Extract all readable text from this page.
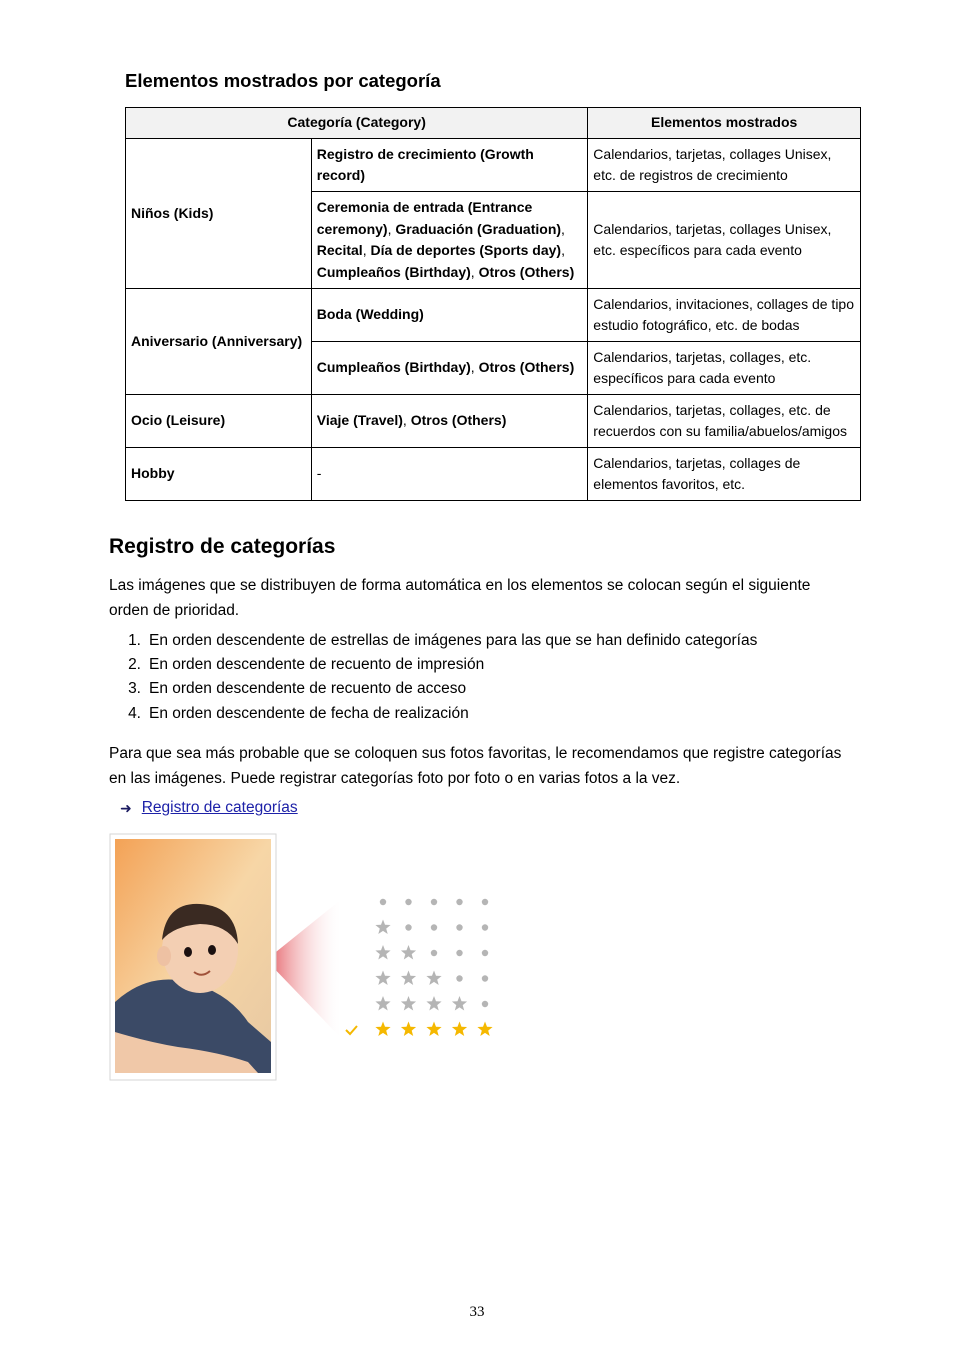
Elementos mostrados por categoría
Categoría (Category)		Elementos mostrados
Niños (Kids)	Registro de crecimiento (Growth record)	Calendarios, tarjetas, collages Unisex, etc. de registros de crecimiento
	Ceremonia de entrada (Entrance ceremony), Graduación (Graduation), Recital, Día de deportes (Sports day), Cumpleaños (Birthday), Otros (Others)	Calendarios, tarjetas, collages Unisex, etc. específicos para cada evento
Aniversario (Anniversary)	Boda (Wedding)	Calendarios, invitaciones, collages de tipo estudio fotográfico, etc. de bodas
	Cumpleaños (Birthday), Otros (Others)	Calendarios, tarjetas, collages, etc. específicos para cada evento
Ocio (Leisure)	Viaje (Travel), Otros (Others)	Calendarios, tarjetas, collages, etc. de recuerdos con su familia/abuelos/amigos
Hobby	-	Calendarios, tarjetas, collages de elementos favoritos, etc.
Registro de categorías

Las imágenes que se distribuyen de forma automática en los elementos se colocan según el siguiente orden de prioridad.

1. En orden descendente de estrellas de imágenes para las que se han definido categorías
2. En orden descendente de recuento de impresión
3. En orden descendente de recuento de acceso
4. En orden descendente de fecha de realización

Para que sea más probable que se coloquen sus fotos favoritas, le recomendamos que registre categorías en las imágenes. Puede registrar categorías foto por foto o en varias fotos a la vez.

➜ Registro de categorías
33
